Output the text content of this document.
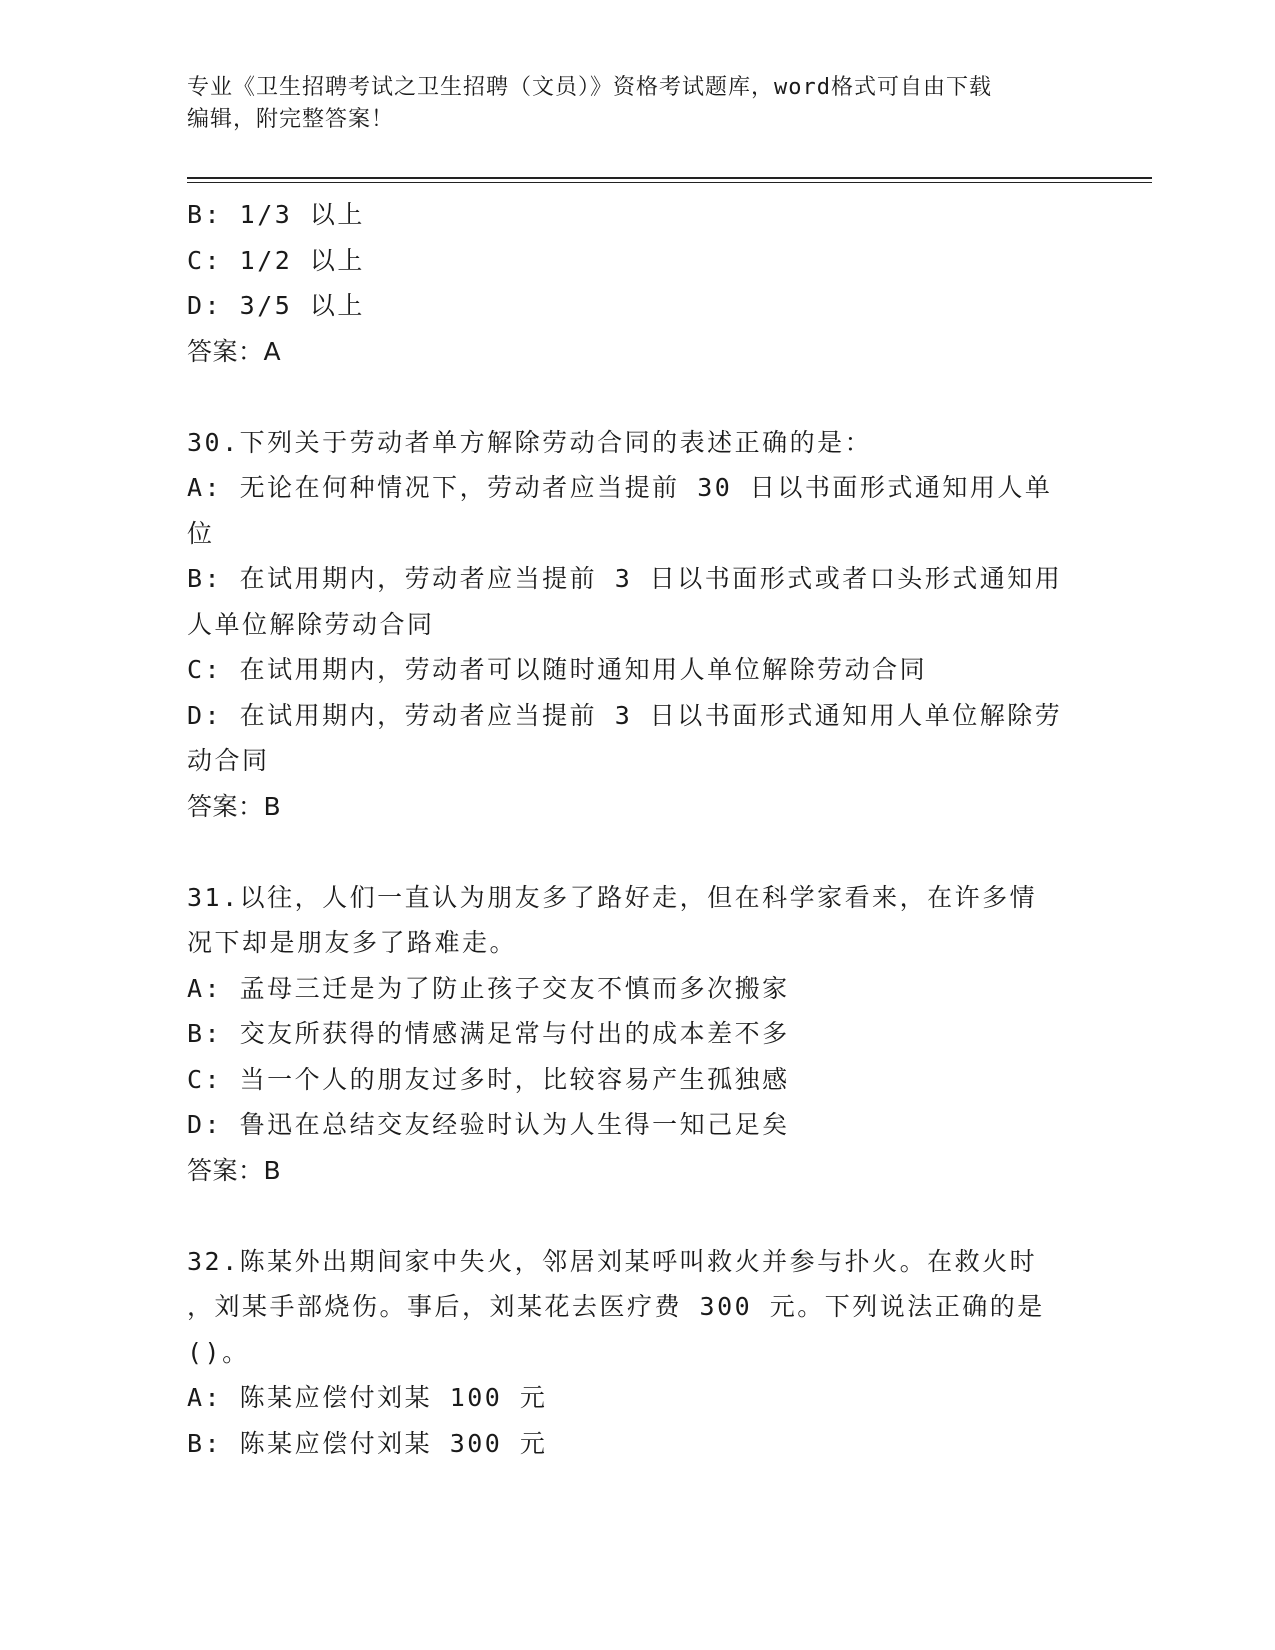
专业《卫生招聘考试之卫生招聘（文员）》资格考试题库，word格式可自由下载
编辑，附完整答案！
B: 1/3 以上
C: 1/2 以上
D: 3/5 以上
答案：A
30.下列关于劳动者单方解除劳动合同的表述正确的是：
A: 无论在何种情况下，劳动者应当提前 30 日以书面形式通知用人单
位
B: 在试用期内，劳动者应当提前 3 日以书面形式或者口头形式通知用
人单位解除劳动合同
C: 在试用期内，劳动者可以随时通知用人单位解除劳动合同
D: 在试用期内，劳动者应当提前 3 日以书面形式通知用人单位解除劳
动合同
答案：B
31.以往，人们一直认为朋友多了路好走，但在科学家看来，在许多情
况下却是朋友多了路难走。
A: 孟母三迁是为了防止孩子交友不慎而多次搬家
B: 交友所获得的情感满足常与付出的成本差不多
C: 当一个人的朋友过多时，比较容易产生孤独感
D: 鲁迅在总结交友经验时认为人生得一知己足矣
答案：B
32.陈某外出期间家中失火，邻居刘某呼叫救火并参与扑火。在救火时
，刘某手部烧伤。事后，刘某花去医疗费 300 元。下列说法正确的是
()。
A: 陈某应偿付刘某 100 元
B: 陈某应偿付刘某 300 元
